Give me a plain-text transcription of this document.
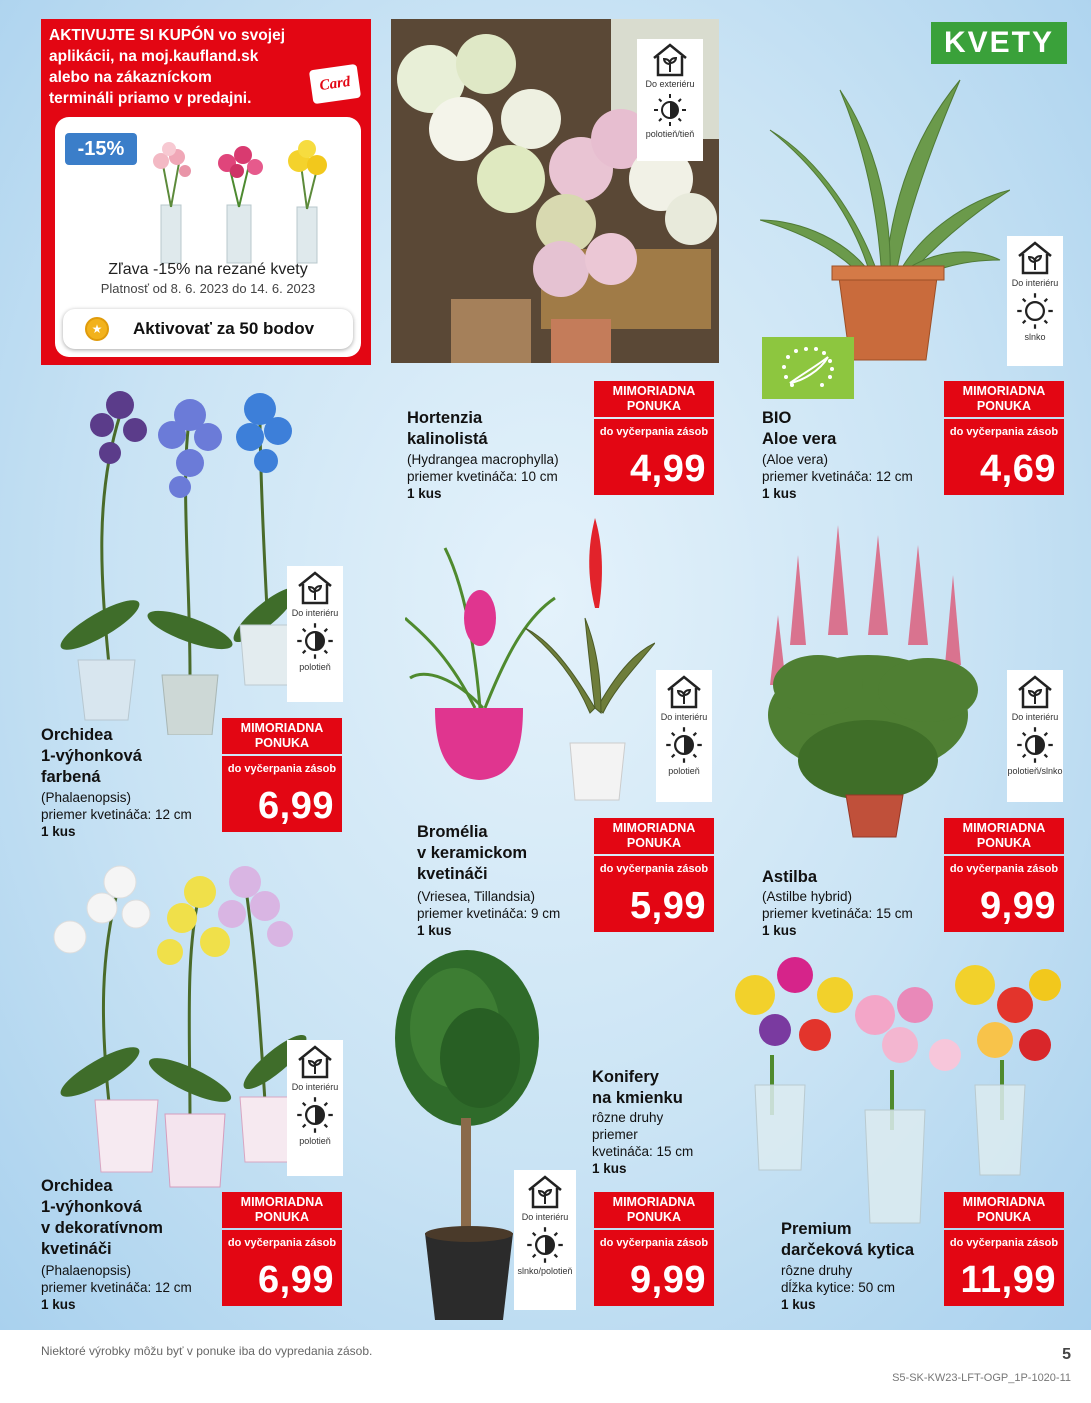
AKTIVUJTE SI KUPÓN vo svojej
aplikácii, na moj.kaufland.sk
alebo na zákazníckom
termináli priamo v predajni.
Card
-15%
Zľava -15% na rezané kvety
Platnosť od 8. 6. 2023 do 14. 6. 2023
★	Aktivovať za 50 bodov
Do exteriéru
polotieň/tieň
KVETY
Do interiéru
slnko
MIMORIADNA
PONUKA
do vyčerpania zásob
4,99
Hortenzia
kalinolistá
(Hydrangea macrophylla)
priemer kvetináča: 10 cm
1 kus
MIMORIADNA
PONUKA
do vyčerpania zásob
4,69
BIO
Aloe vera
(Aloe vera)
priemer kvetináča: 12 cm
1 kus
Do interiéru
polotieň
MIMORIADNA
PONUKA
do vyčerpania zásob
6,99
Orchidea
1-výhonková
farbená
(Phalaenopsis)
priemer kvetináča: 12 cm
1 kus
Do interiéru
polotieň
MIMORIADNA
PONUKA
do vyčerpania zásob
5,99
Bromélia
v keramickom
kvetináči
(Vriesea, Tillandsia)
priemer kvetináča: 9 cm
1 kus
Do interiéru
polotieň/slnko
MIMORIADNA
PONUKA
do vyčerpania zásob
9,99
Astilba
(Astilbe hybrid)
priemer kvetináča: 15 cm
1 kus
Do interiéru
polotieň
MIMORIADNA
PONUKA
do vyčerpania zásob
6,99
Orchidea
1-výhonková
v dekoratívnom
kvetináči
(Phalaenopsis)
priemer kvetináča: 12 cm
1 kus
Do interiéru
slnko/polotieň
MIMORIADNA
PONUKA
do vyčerpania zásob
9,99
Konifery
na kmienku
rôzne druhy
priemer
kvetináča: 15 cm
1 kus
MIMORIADNA
PONUKA
do vyčerpania zásob
11,99
Premium
darčeková kytica
rôzne druhy
dĺžka kytice: 50 cm
1 kus
Niektoré výrobky môžu byť v ponuke iba do vypredania zásob.	5
S5-SK-KW23-LFT-OGP_1P-1020-11
